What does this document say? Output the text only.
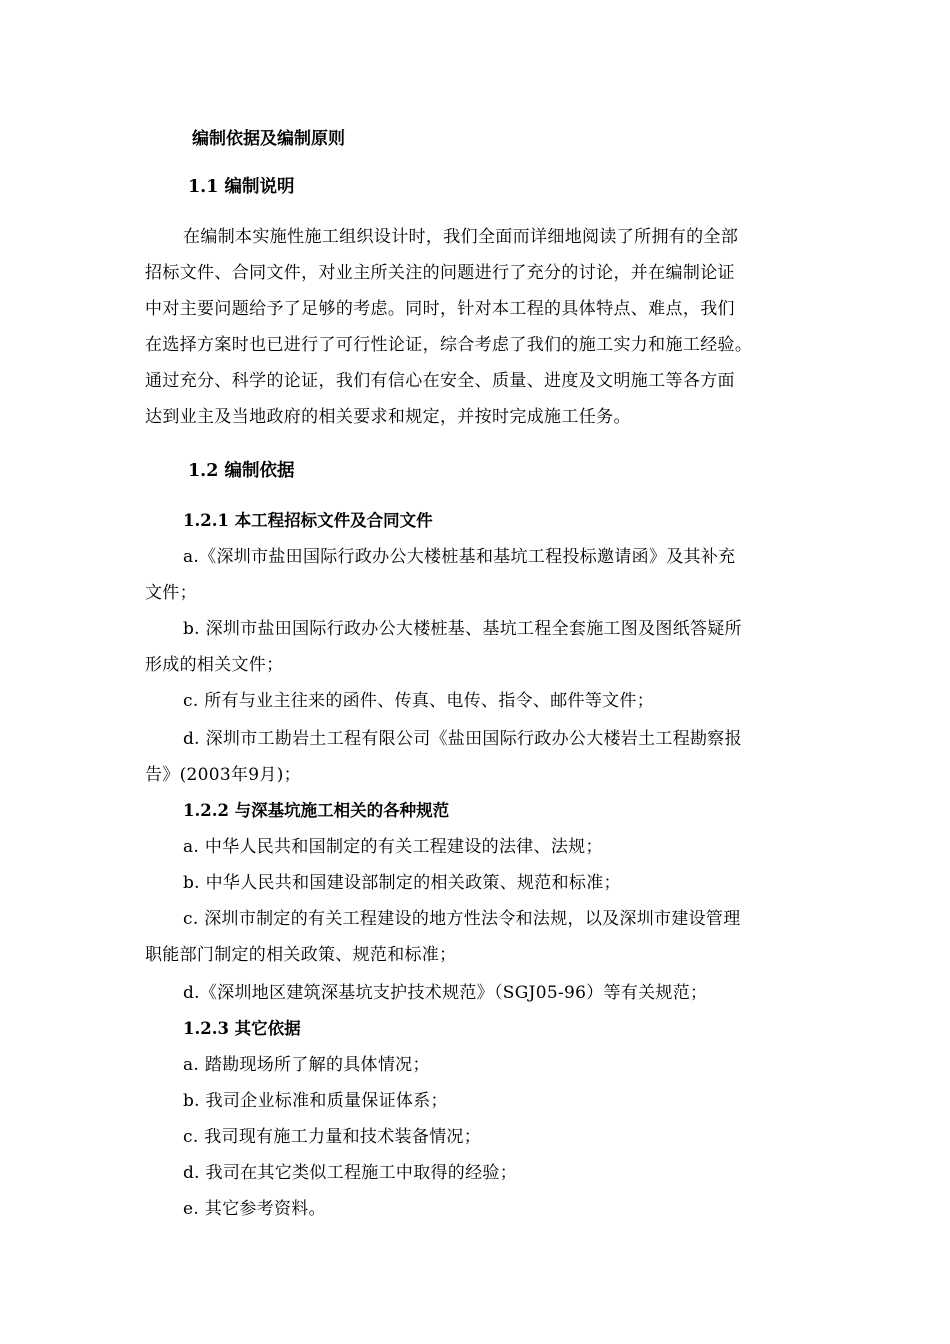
编制依据及编制原则
1.1 编制说明
在编制本实施性施工组织设计时，我们全面而详细地阅读了所拥有的全部
招标文件、合同文件，对业主所关注的问题进行了充分的讨论，并在编制论证
中对主要问题给予了足够的考虑。同时，针对本工程的具体特点、难点，我们
在选择方案时也已进行了可行性论证，综合考虑了我们的施工实力和施工经验。
通过充分、科学的论证，我们有信心在安全、质量、进度及文明施工等各方面
达到业主及当地政府的相关要求和规定，并按时完成施工任务。
1.2 编制依据
1.2.1 本工程招标文件及合同文件
a.《深圳市盐田国际行政办公大楼桩基和基坑工程投标邀请函》及其补充
文件；
b. 深圳市盐田国际行政办公大楼桩基、基坑工程全套施工图及图纸答疑所
形成的相关文件；
c. 所有与业主往来的函件、传真、电传、指令、邮件等文件；
d. 深圳市工勘岩土工程有限公司《盐田国际行政办公大楼岩土工程勘察报
告》(2003年9月)；
1.2.2 与深基坑施工相关的各种规范
a. 中华人民共和国制定的有关工程建设的法律、法规；
b. 中华人民共和国建设部制定的相关政策、规范和标准；
c. 深圳市制定的有关工程建设的地方性法令和法规，以及深圳市建设管理
职能部门制定的相关政策、规范和标准；
d.《深圳地区建筑深基坑支护技术规范》（SGJ05-96）等有关规范；
1.2.3 其它依据
a. 踏勘现场所了解的具体情况；
b. 我司企业标准和质量保证体系；
c. 我司现有施工力量和技术装备情况；
d. 我司在其它类似工程施工中取得的经验；
e. 其它参考资料。
